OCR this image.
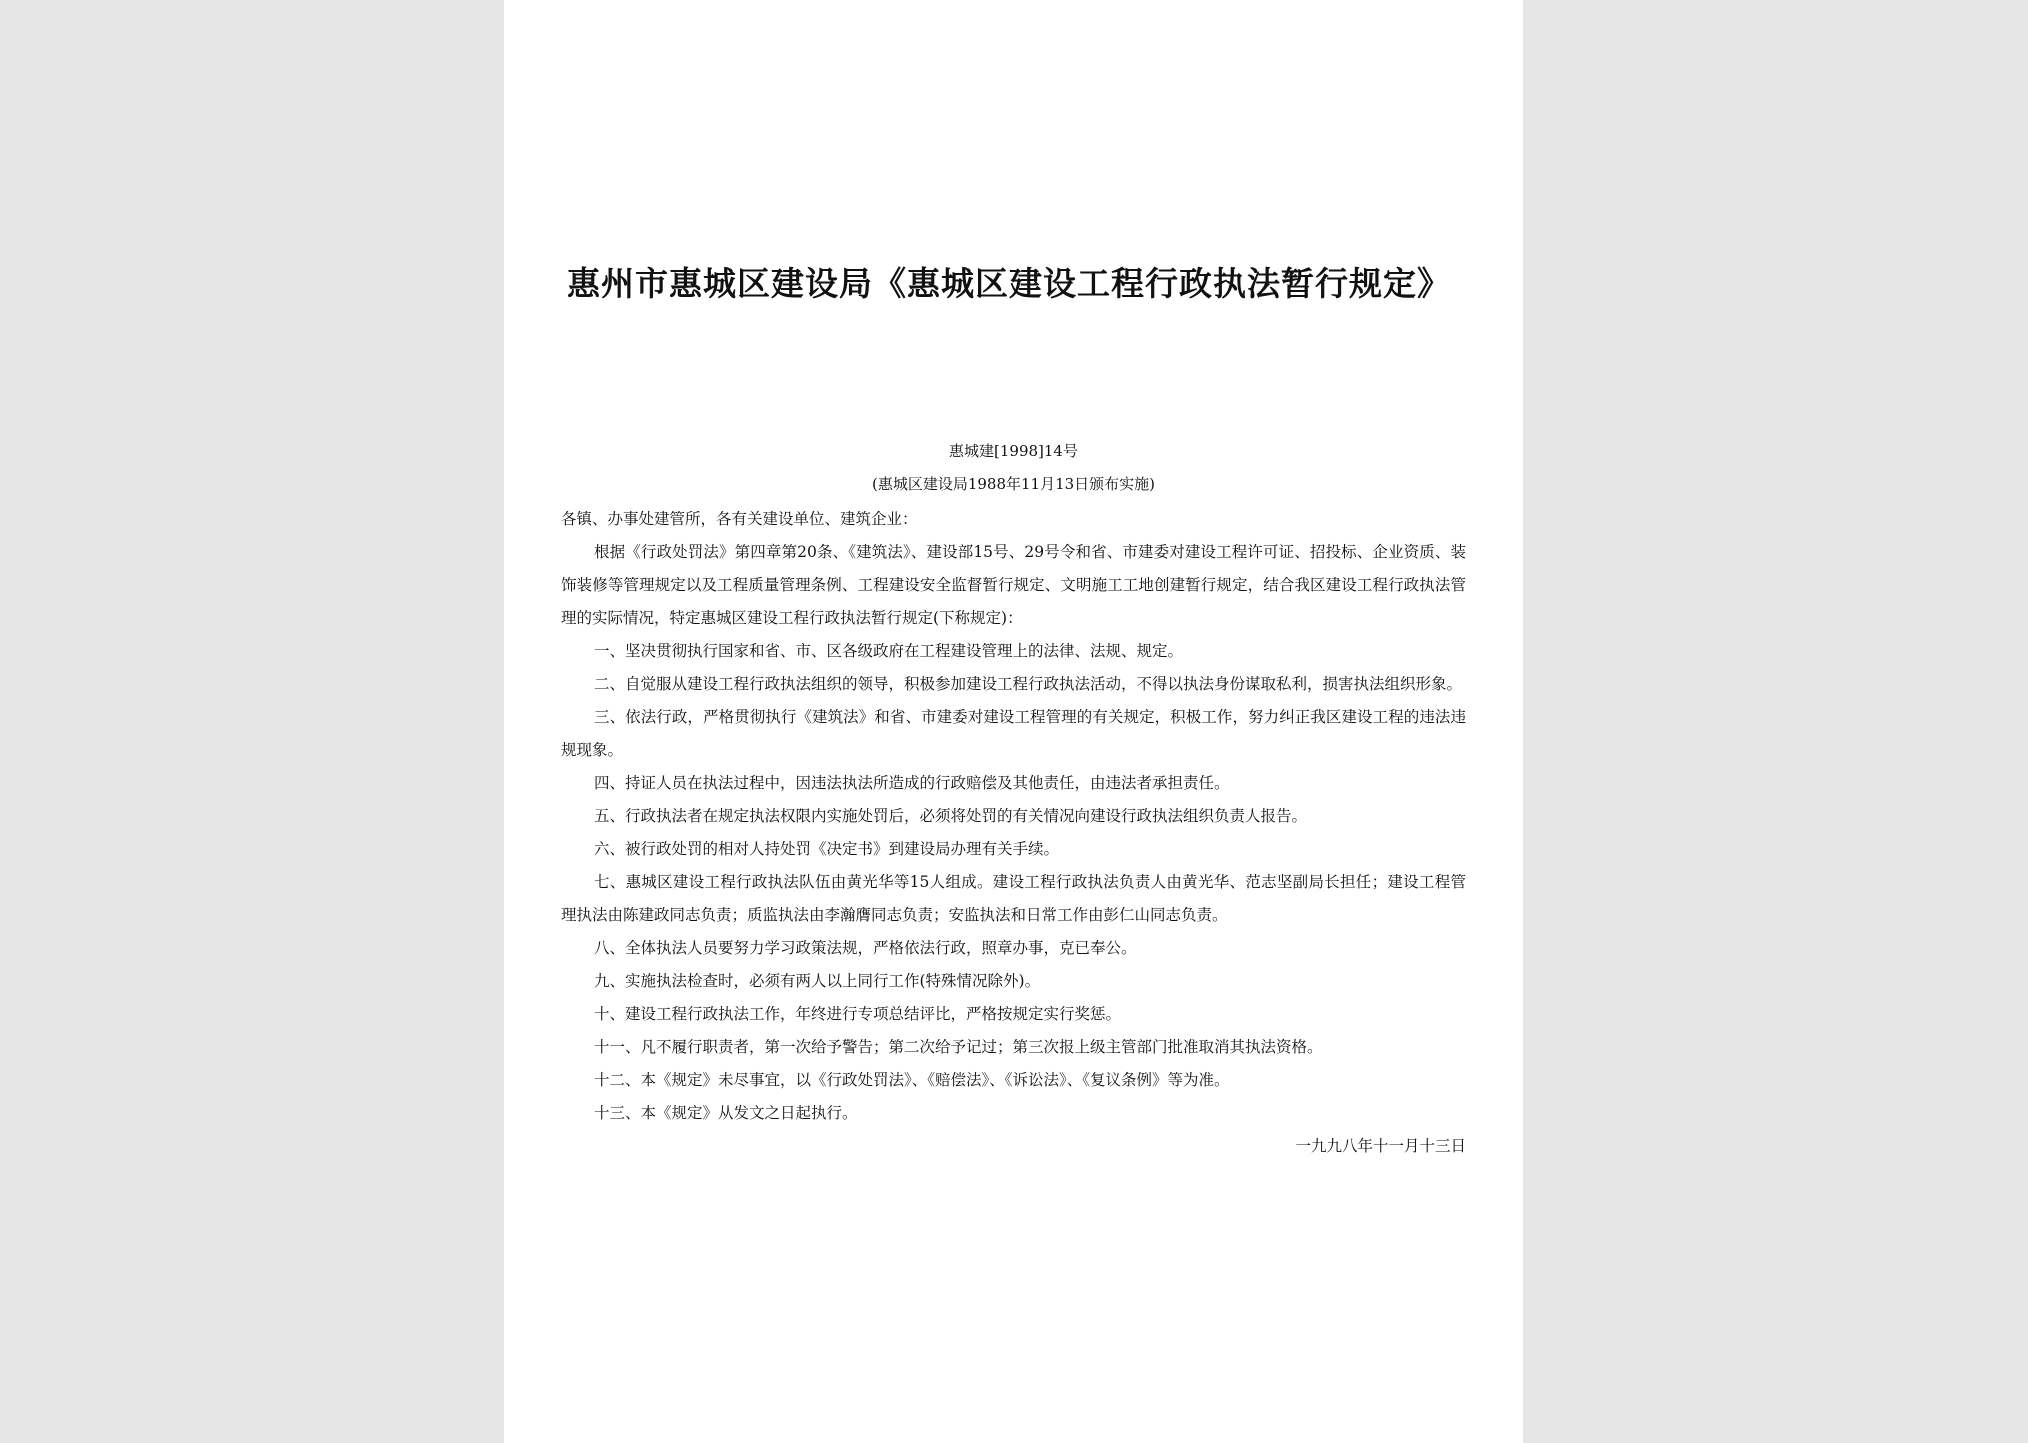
惠州市惠城区建设局《惠城区建设工程行政执法暂行规定》
惠城建[1998]14号
(惠城区建设局1988年11月13日颁布实施)

各镇、办事处建管所，各有关建设单位、建筑企业：

根据《行政处罚法》第四章第20条、《建筑法》、建设部15号、29号令和省、市建委对建设工程许可证、招投标、企业资质、装饰装修等管理规定以及工程质量管理条例、工程建设安全监督暂行规定、文明施工工地创建暂行规定，结合我区建设工程行政执法管理的实际情况，特定惠城区建设工程行政执法暂行规定(下称规定)：

一、坚决贯彻执行国家和省、市、区各级政府在工程建设管理上的法律、法规、规定。

二、自觉服从建设工程行政执法组织的领导，积极参加建设工程行政执法活动，不得以执法身份谋取私利，损害执法组织形象。

三、依法行政，严格贯彻执行《建筑法》和省、市建委对建设工程管理的有关规定，积极工作，努力纠正我区建设工程的违法违规现象。

四、持证人员在执法过程中，因违法执法所造成的行政赔偿及其他责任，由违法者承担责任。

五、行政执法者在规定执法权限内实施处罚后，必须将处罚的有关情况向建设行政执法组织负责人报告。

六、被行政处罚的相对人持处罚《决定书》到建设局办理有关手续。

七、惠城区建设工程行政执法队伍由黄光华等15人组成。建设工程行政执法负责人由黄光华、范志坚副局长担任；建设工程管理执法由陈建政同志负责；质监执法由李瀚膺同志负责；安监执法和日常工作由彭仁山同志负责。

八、全体执法人员要努力学习政策法规，严格依法行政，照章办事，克已奉公。

九、实施执法检查时，必须有两人以上同行工作(特殊情况除外)。

十、建设工程行政执法工作，年终进行专项总结评比，严格按规定实行奖惩。

十一、凡不履行职责者，第一次给予警告；第二次给予记过；第三次报上级主管部门批准取消其执法资格。

十二、本《规定》未尽事宜，以《行政处罚法》、《赔偿法》、《诉讼法》、《复议条例》等为准。

十三、本《规定》从发文之日起执行。

一九九八年十一月十三日
